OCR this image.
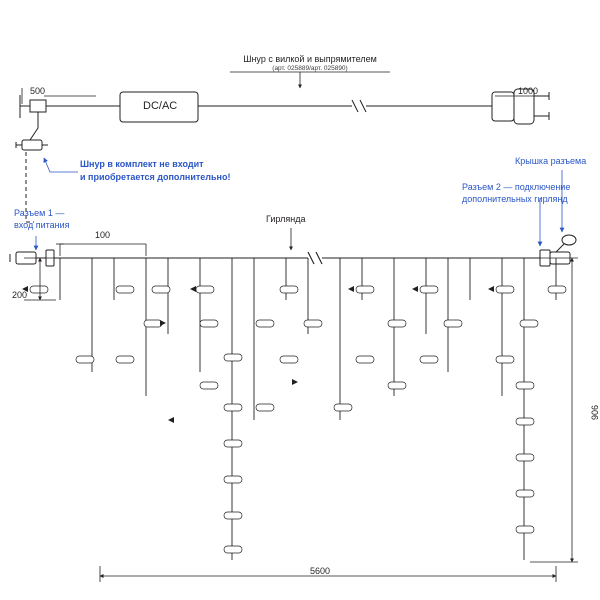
Шнур с вилкой и выпрямителем
(арт. 025889/арт. 025890)
DC/AC
500	1000
Шнур в комплект не входит
и приобретается дополнительно!
Разъем 1 —
вход питания
Крышка разъема
Разъем 2 — подключение
дополнительных гирлянд
Гирлянда
100
200
906
5600
